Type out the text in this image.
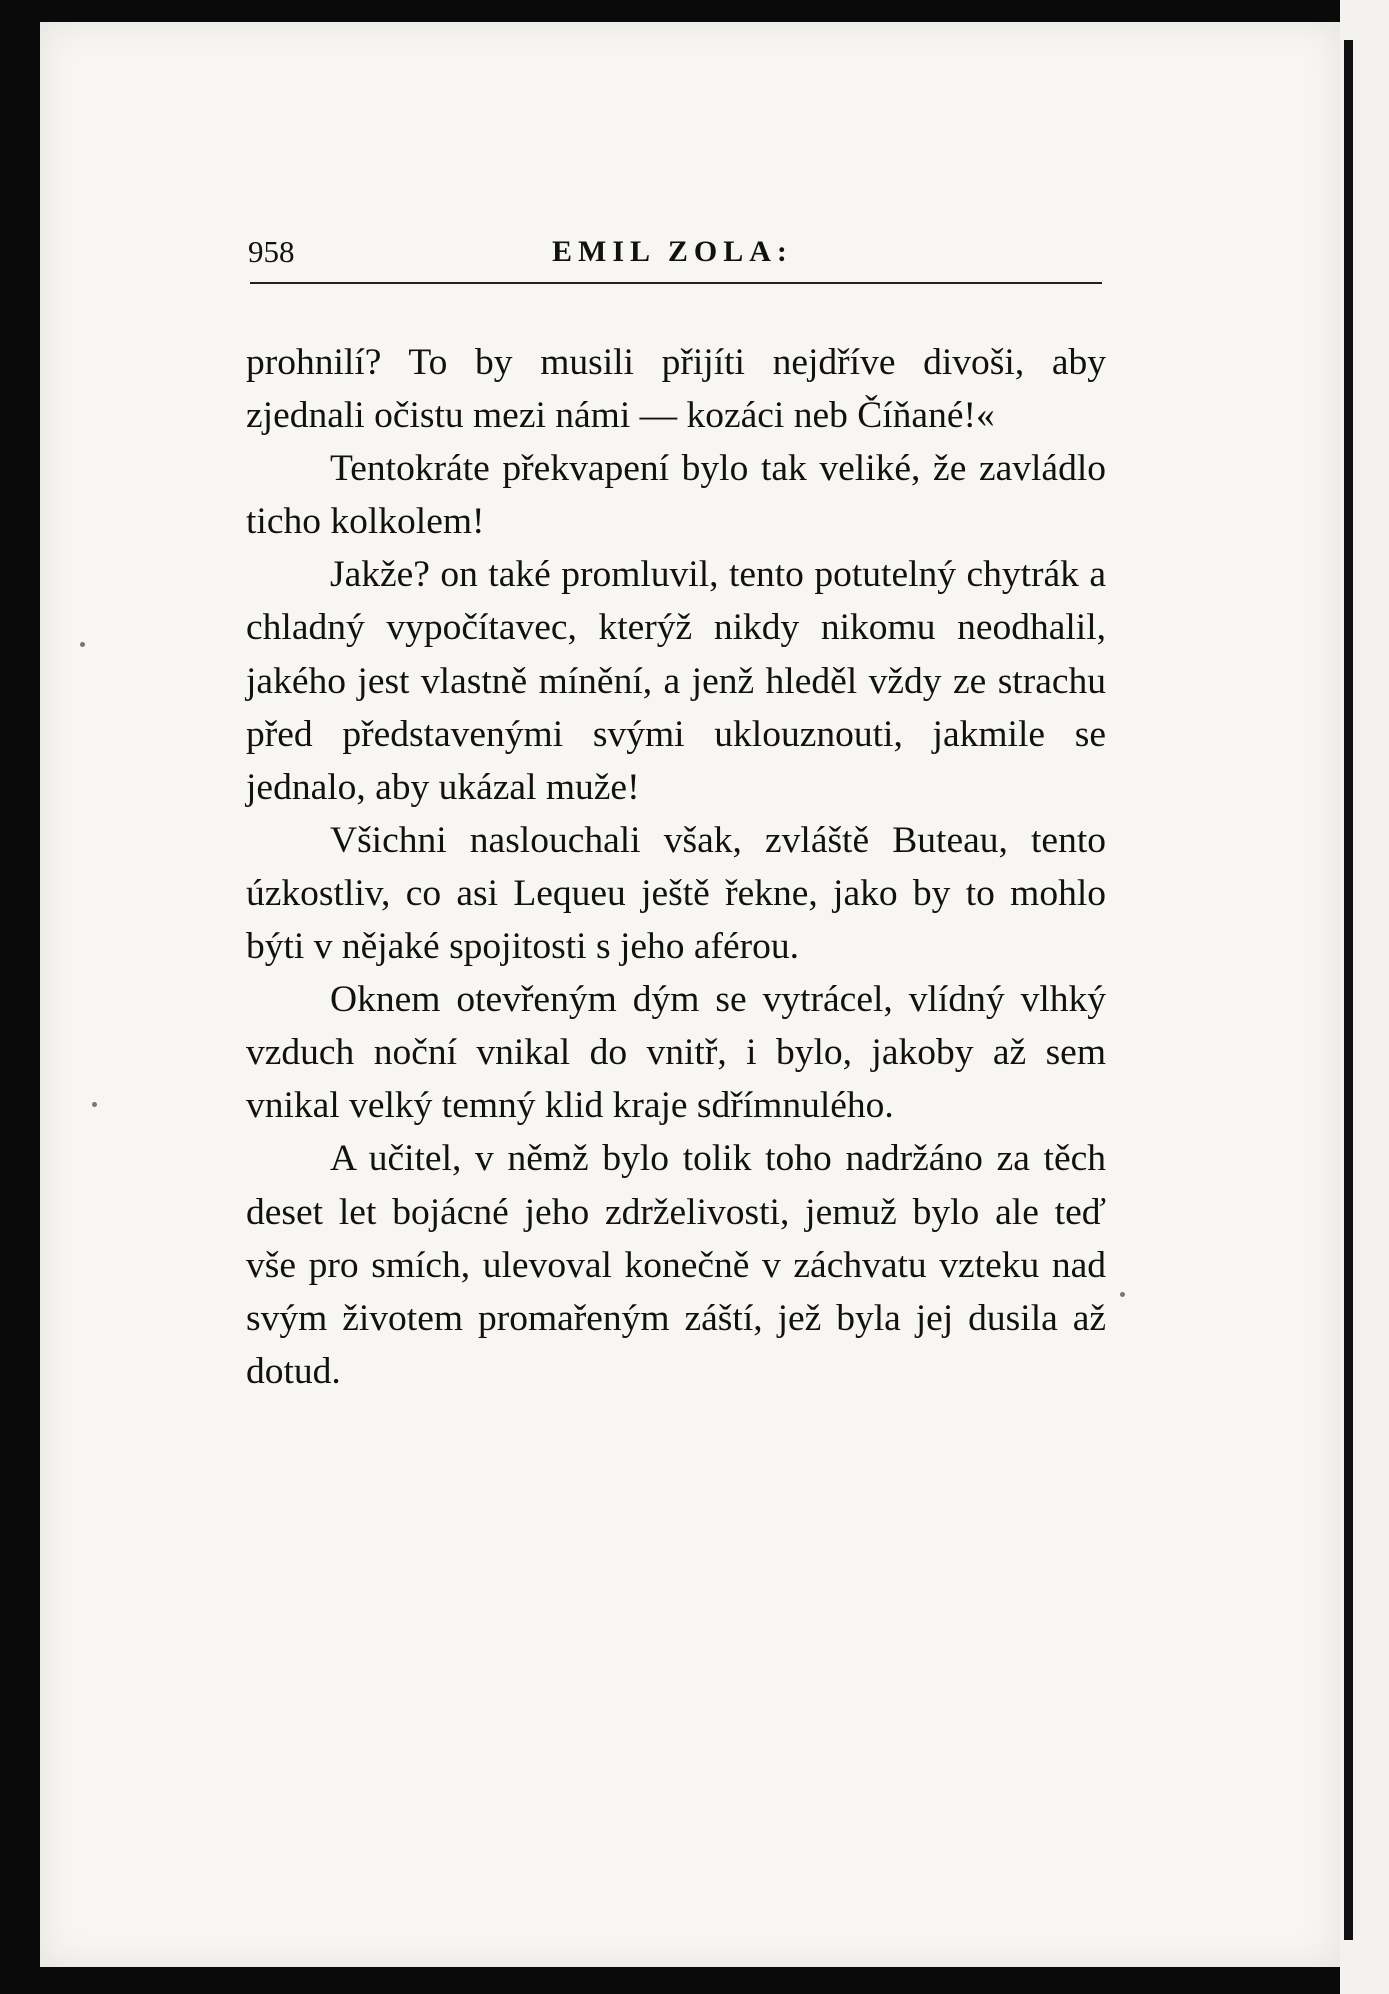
958	EMIL ZOLA:

prohnilí? To by musili přijíti nejdříve divoši, aby zjednali očistu mezi námi — kozáci neb Číňané!«

Tentokráte překvapení bylo tak veliké, že zavládlo ticho kolkolem!

Jakže? on také promluvil, tento potutelný chytrák a chladný vypočítavec, kterýž nikdy nikomu neodhalil, jakého jest vlastně mínění, a jenž hleděl vždy ze strachu před představenými svými uklouznouti, jakmile se jednalo, aby ukázal muže!

Všichni naslouchali však, zvláště Buteau, tento úzkostliv, co asi Lequeu ještě řekne, jako by to mohlo býti v nějaké spojitosti s jeho aférou.

Oknem otevřeným dým se vytrácel, vlídný vlhký vzduch noční vnikal do vnitř, i bylo, jakoby až sem vnikal velký temný klid kraje sdřímnulého.

A učitel, v němž bylo tolik toho nadržáno za těch deset let bojácné jeho zdrželivosti, jemuž bylo ale teď vše pro smích, ulevoval konečně v záchvatu vzteku nad svým životem promařeným záští, jež byla jej dusila až dotud.
